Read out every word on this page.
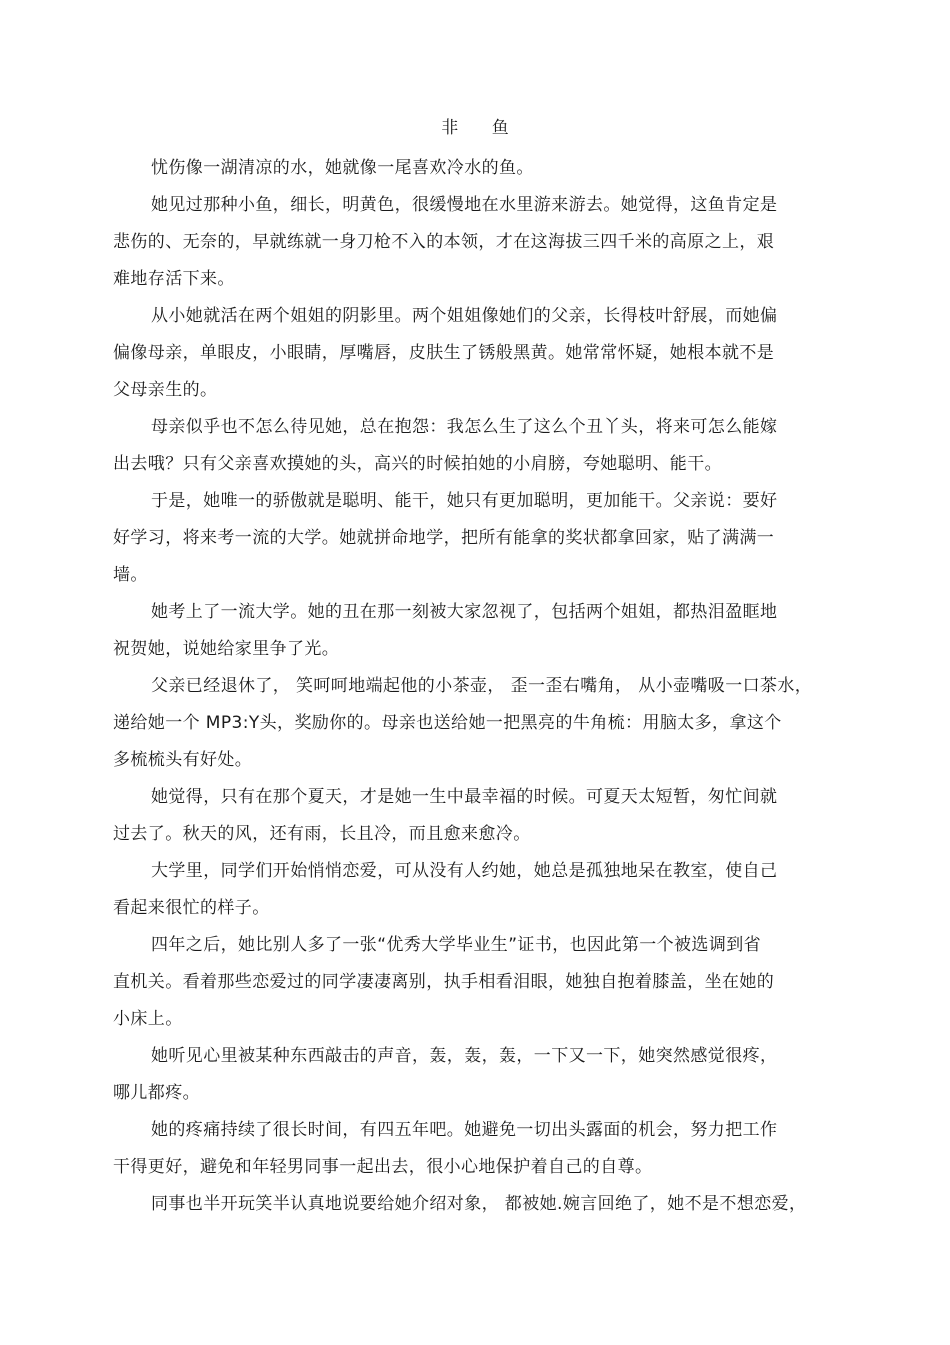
非 鱼

忧伤像一湖清凉的水，她就像一尾喜欢冷水的鱼。

她见过那种小鱼，细长，明黄色，很缓慢地在水里游来游去。她觉得，这鱼肯定是
悲伤的、无奈的，早就练就一身刀枪不入的本领，才在这海拔三四千米的高原之上，艰
难地存活下来。

从小她就活在两个姐姐的阴影里。两个姐姐像她们的父亲，长得枝叶舒展，而她偏
偏像母亲，单眼皮，小眼睛，厚嘴唇，皮肤生了锈般黑黄。她常常怀疑，她根本就不是
父母亲生的。

母亲似乎也不怎么待见她，总在抱怨：我怎么生了这么个丑丫头，将来可怎么能嫁
出去哦？只有父亲喜欢摸她的头，高兴的时候拍她的小肩膀，夸她聪明、能干。

于是，她唯一的骄傲就是聪明、能干，她只有更加聪明，更加能干。父亲说：要好
好学习，将来考一流的大学。她就拼命地学，把所有能拿的奖状都拿回家，贴了满满一
墙。

她考上了一流大学。她的丑在那一刻被大家忽视了，包括两个姐姐，都热泪盈眶地
祝贺她，说她给家里争了光。

父亲已经退休了， 笑呵呵地端起他的小茶壶， 歪一歪右嘴角， 从小壶嘴吸一口茶水，
递给她一个 MP3:Y头，奖励你的。母亲也送给她一把黑亮的牛角梳：用脑太多，拿这个
多梳梳头有好处。

她觉得，只有在那个夏天，才是她一生中最幸福的时候。可夏天太短暂，匆忙间就
过去了。秋天的风，还有雨，长且冷，而且愈来愈冷。

大学里，同学们开始悄悄恋爱，可从没有人约她，她总是孤独地呆在教室，使自己
看起来很忙的样子。

四年之后，她比别人多了一张“优秀大学毕业生”证书，也因此第一个被选调到省
直机关。看着那些恋爱过的同学凄凄离别，执手相看泪眼，她独自抱着膝盖，坐在她的
小床上。

她听见心里被某种东西敲击的声音，轰，轰，轰，一下又一下，她突然感觉很疼，
哪儿都疼。

她的疼痛持续了很长时间，有四五年吧。她避免一切出头露面的机会，努力把工作
干得更好，避免和年轻男同事一起出去，很小心地保护着自己的自尊。

同事也半开玩笑半认真地说要给她介绍对象， 都被她.婉言回绝了，她不是不想恋爱，
